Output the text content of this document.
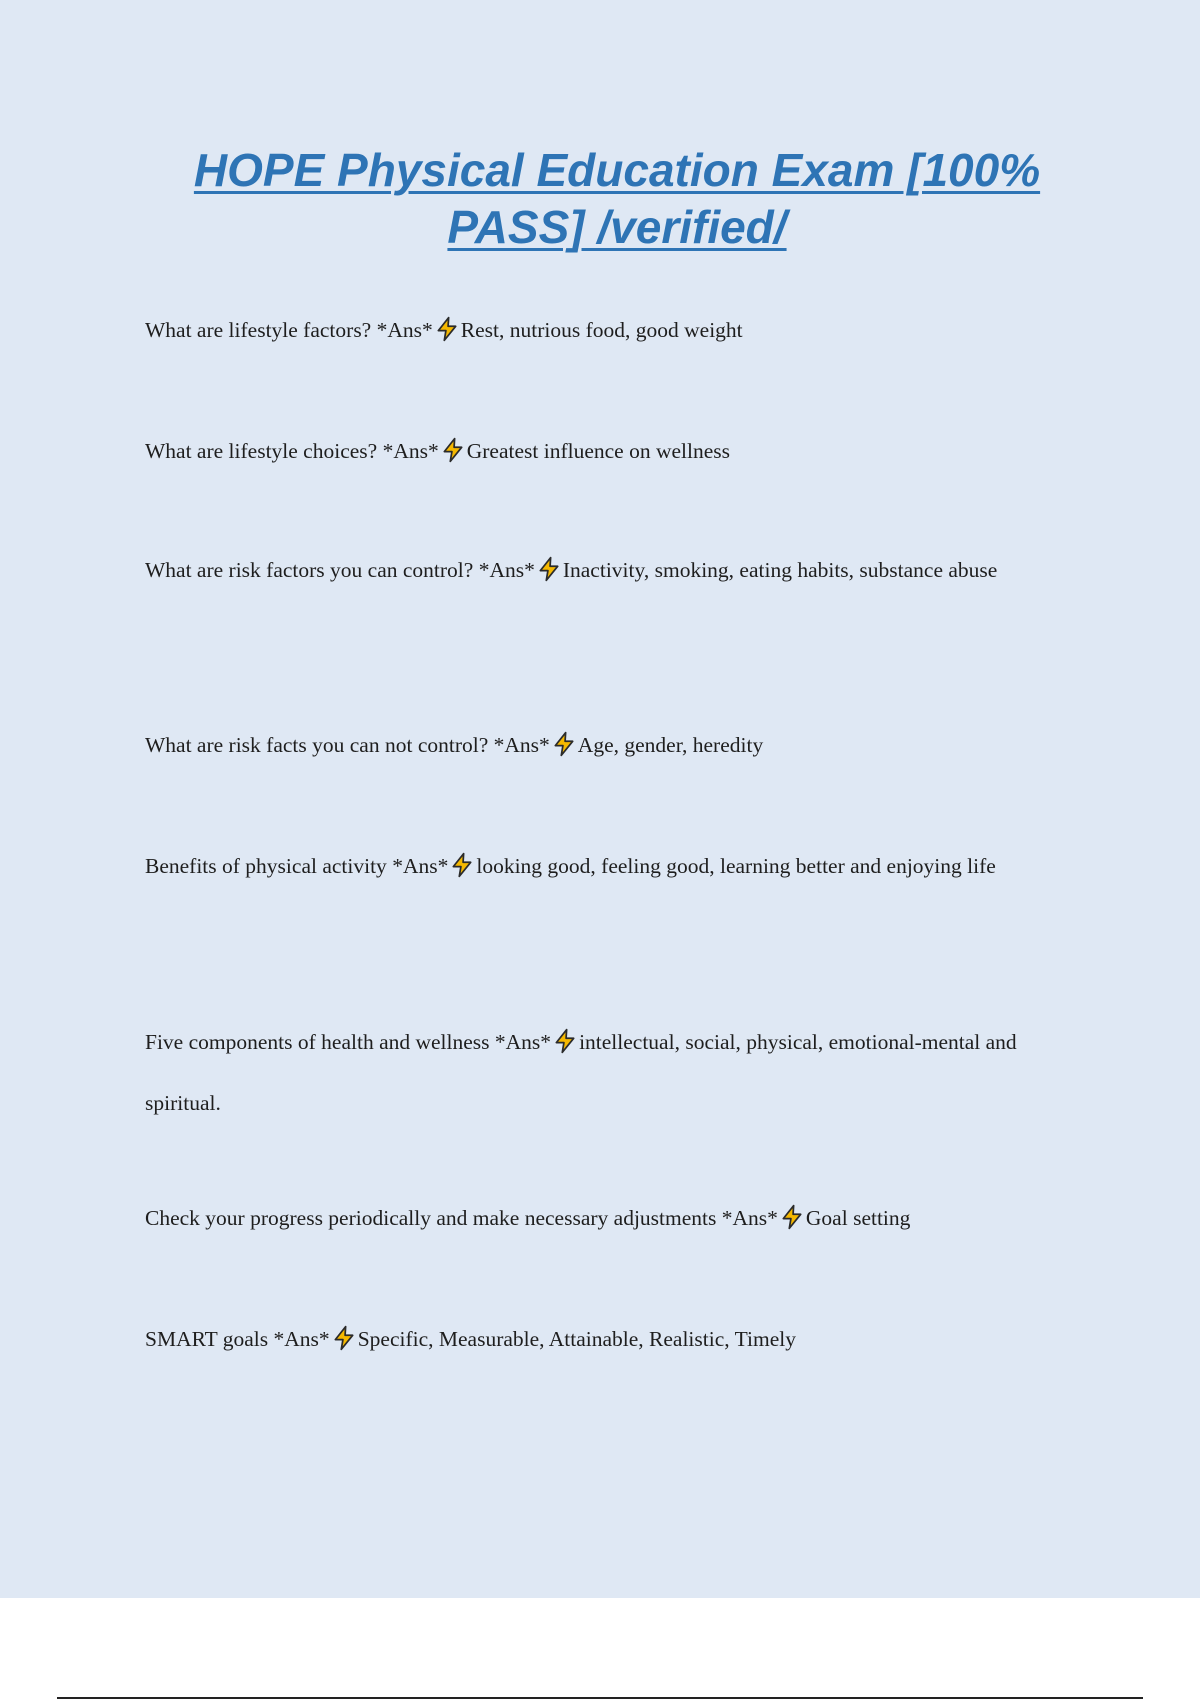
HOPE Physical Education Exam [100% PASS] /verified/

What are lifestyle factors? *Ans* Rest, nutrious food, good weight

What are lifestyle choices? *Ans* Greatest influence on wellness

What are risk factors you can control? *Ans* Inactivity, smoking, eating habits, substance abuse

What are risk facts you can not control? *Ans* Age, gender, heredity

Benefits of physical activity *Ans* looking good, feeling good, learning better and enjoying life

Five components of health and wellness *Ans* intellectual, social, physical, emotional-mental and spiritual.

Check your progress periodically and make necessary adjustments *Ans* Goal setting

SMART goals *Ans* Specific, Measurable, Attainable, Realistic, Timely
